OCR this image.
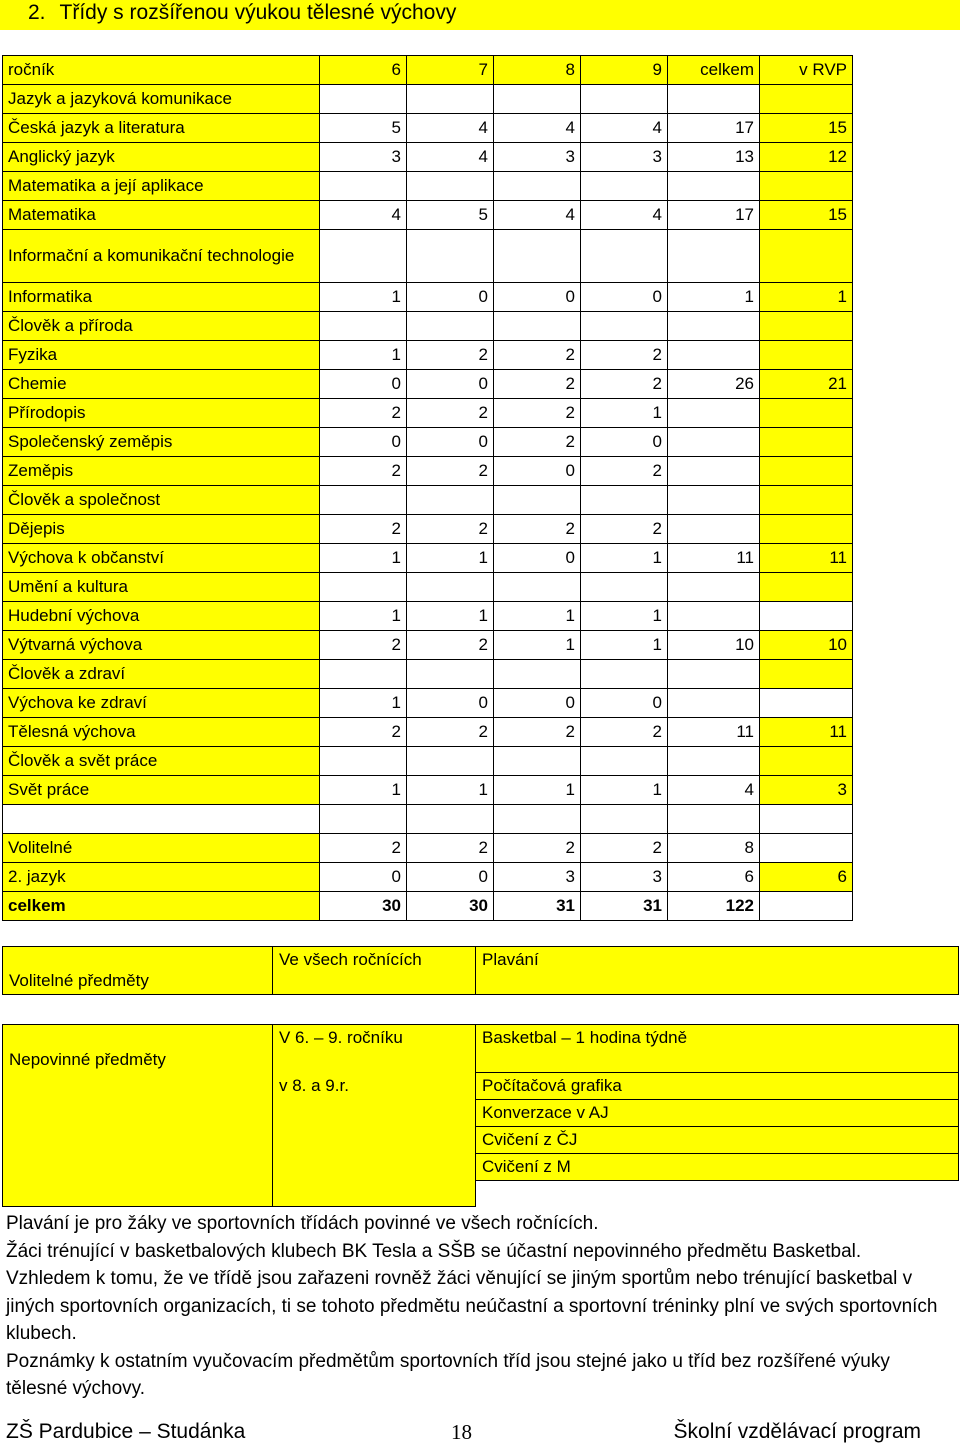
2. Třídy s rozšířenou výukou tělesné výchovy
ročník	6	7	8	9	celkem	v RVP
Jazyk a jazyková komunikace						
Česká jazyk a literatura	5	4	4	4	17	15
Anglický jazyk	3	4	3	3	13	12
Matematika a její aplikace						
Matematika	4	5	4	4	17	15
Informační a komunikační technologie						
Informatika	1	0	0	0	1	1
Člověk a příroda						
Fyzika	1	2	2	2		
Chemie	0	0	2	2	26	21
Přírodopis	2	2	2	1		
Společenský zeměpis	0	0	2	0		
Zeměpis	2	2	0	2		
Člověk a společnost						
Dějepis	2	2	2	2		
Výchova k občanství	1	1	0	1	11	11
Umění a kultura						
Hudební výchova	1	1	1	1		
Výtvarná výchova	2	2	1	1	10	10
Člověk a zdraví						
Výchova ke zdraví	1	0	0	0		
Tělesná výchova	2	2	2	2	11	11
Člověk a svět práce						
Svět práce	1	1	1	1	4	3

Volitelné	2	2	2	2	8	
2. jazyk	0	0	3	3	6	6
celkem	30	30	31	31	122	
Volitelné předměty	Ve všech ročnících	Plavání
Nepovinné předměty	V 6. – 9. ročníku	Basketbal – 1 hodina týdně
	v 8. a 9.r.	Počítačová grafika
		Konverzace v AJ
		Cvičení z ČJ
		Cvičení z M

Plavání je pro žáky ve sportovních třídách povinné ve všech ročnících.

Žáci trénující v basketbalových klubech BK Tesla a SŠB se účastní nepovinného předmětu Basketbal. Vzhledem k tomu, že ve třídě jsou zařazeni rovněž žáci věnující se jiným sportům nebo trénující basketbal v jiných sportovních organizacích, ti se tohoto předmětu neúčastní a sportovní tréninky plní ve svých sportovních klubech.

Poznámky k ostatním vyučovacím předmětům sportovních tříd jsou stejné jako u tříd bez rozšířené výuky tělesné výchovy.

ZŠ Pardubice – Studánka	18	Školní vzdělávací program
